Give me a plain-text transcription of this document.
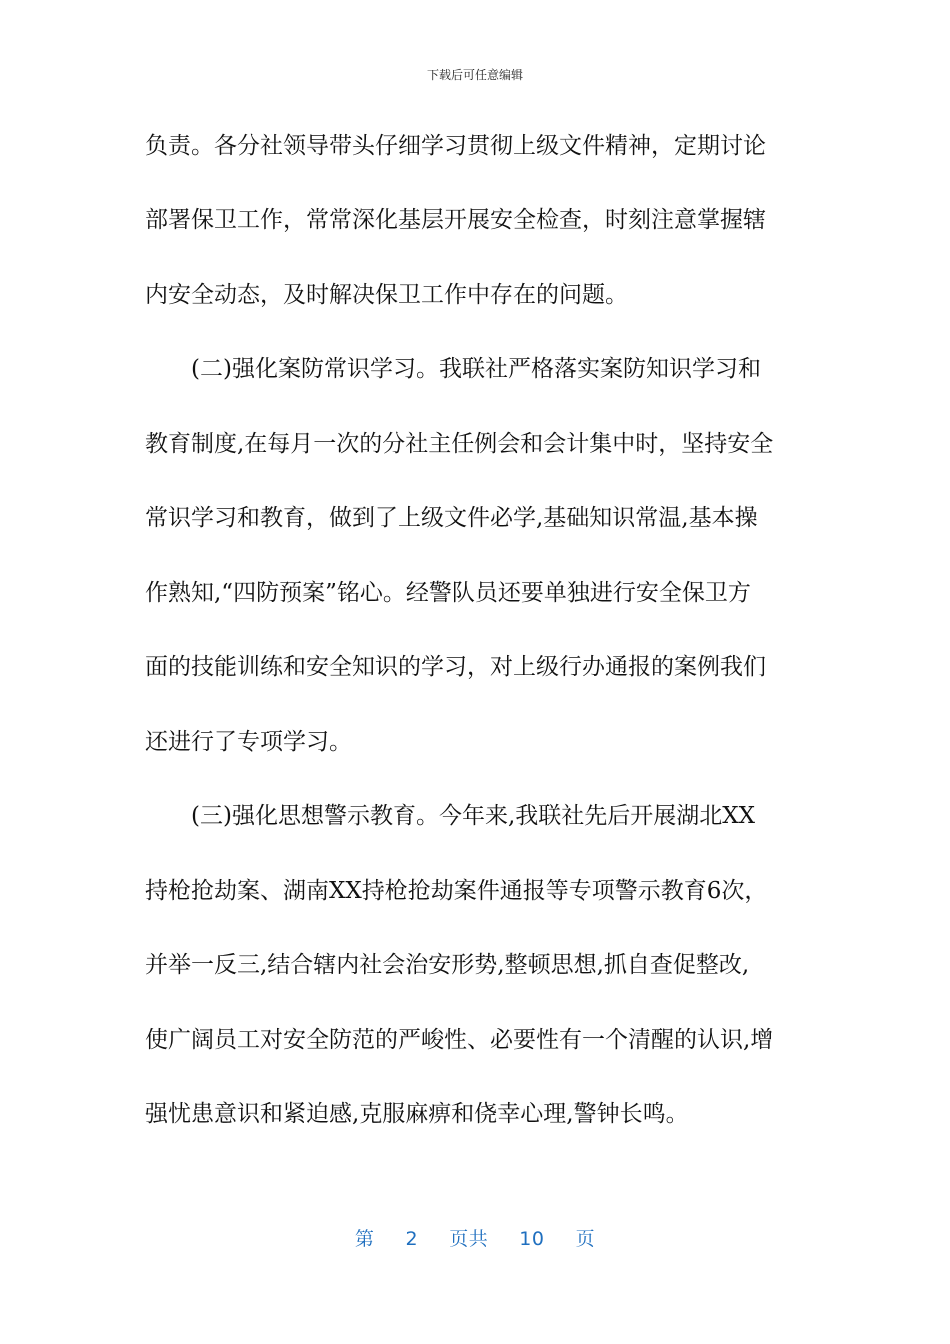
下载后可任意编辑
负责。各分社领导带头仔细学习贯彻上级文件精神，定期讨论
部署保卫工作，常常深化基层开展安全检查，时刻注意掌握辖
内安全动态，及时解决保卫工作中存在的问题。
　　(二)强化案防常识学习。我联社严格落实案防知识学习和
教育制度,在每月一次的分社主任例会和会计集中时，坚持安全
常识学习和教育，做到了上级文件必学,基础知识常温,基本操
作熟知,“四防预案”铭心。经警队员还要单独进行安全保卫方
面的技能训练和安全知识的学习，对上级行办通报的案例我们
还进行了专项学习。
　　(三)强化思想警示教育。今年来,我联社先后开展湖北XX
持枪抢劫案、湖南XX持枪抢劫案件通报等专项警示教育6次，
并举一反三,结合辖内社会治安形势,整顿思想,抓自查促整改,
使广阔员工对安全防范的严峻性、必要性有一个清醒的认识,增
强忧患意识和紧迫感,克服麻痹和侥幸心理,警钟长鸣。
第 2 页共 10 页
